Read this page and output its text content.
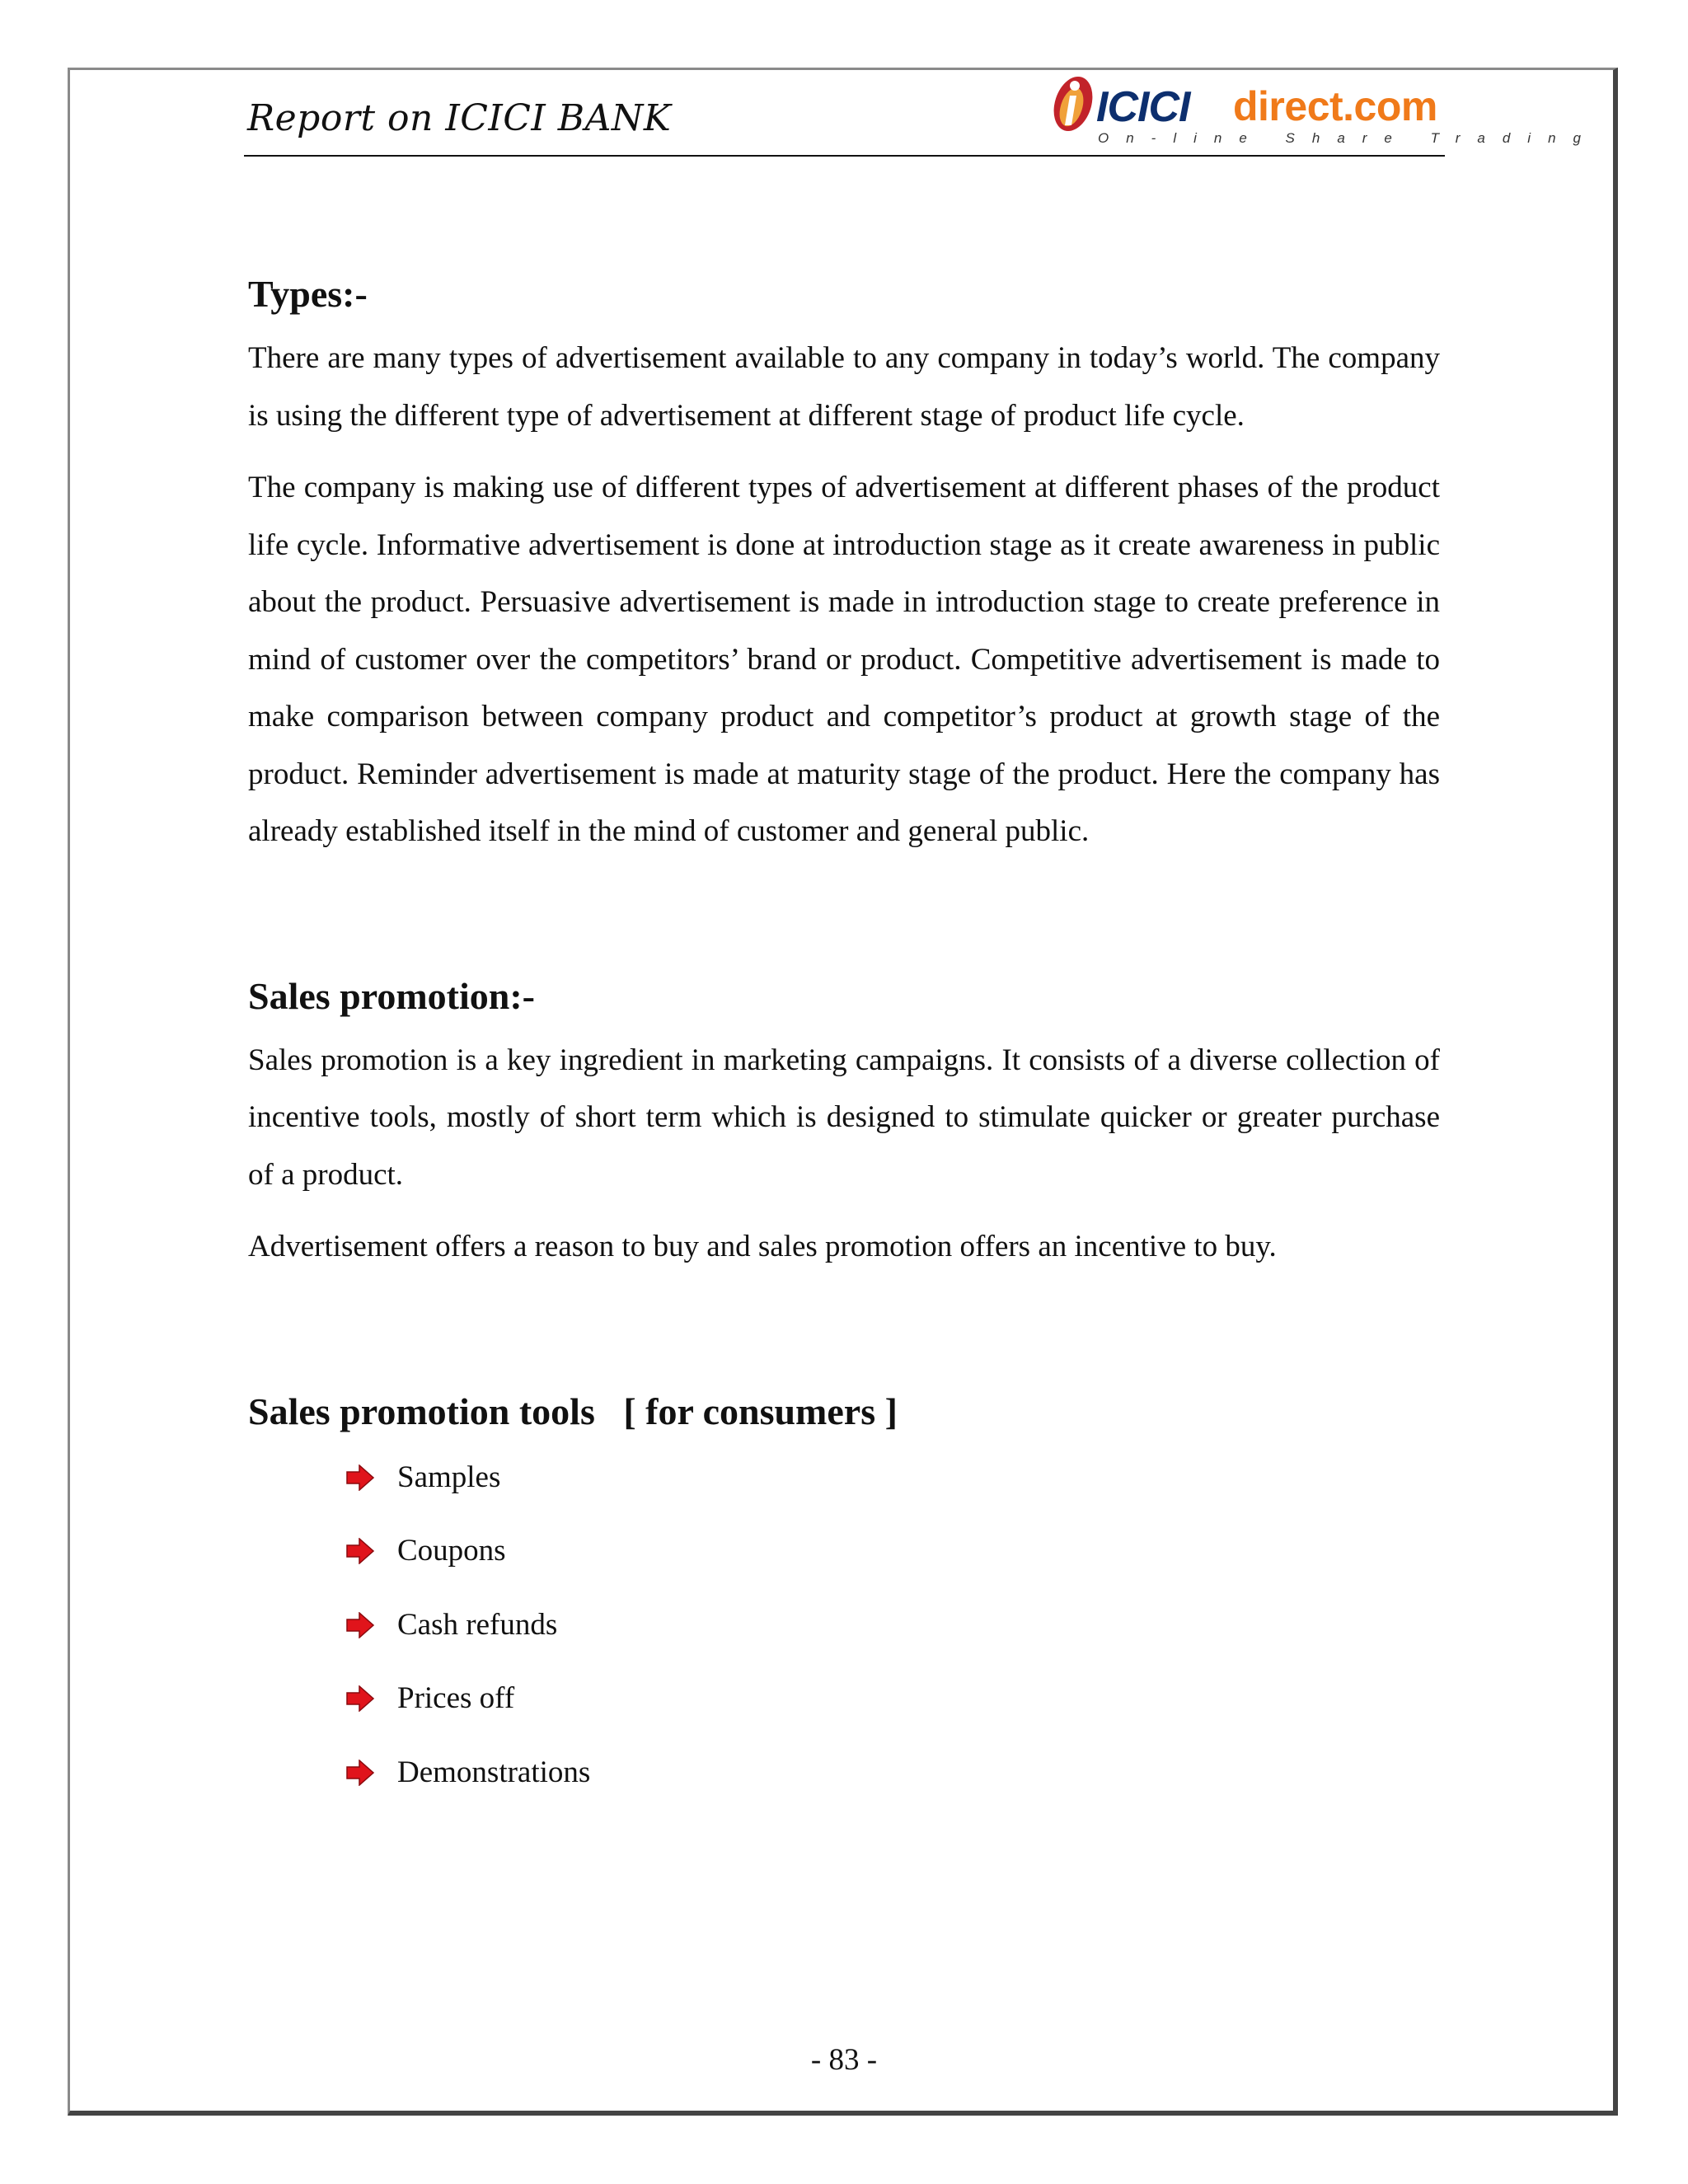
Report on ICICI BANK	ICICI direct.com
On-line Share Trading
Types:-

There are many types of advertisement available to any company in today’s world. The company is using the different type of advertisement at different stage of product life cycle.

The company is making use of different types of advertisement at different phases of the product life cycle. Informative advertisement is done at introduction stage as it create awareness in public about the product. Persuasive advertisement is made in introduction stage to create preference in mind of customer over the competitors’ brand or product. Competitive advertisement is made to make comparison between company product and competitor’s product at growth stage of the product. Reminder advertisement is made at maturity stage of the product. Here the company has already established itself in the mind of customer and general public.

Sales promotion:-

Sales promotion is a key ingredient in marketing campaigns. It consists of a diverse collection of incentive tools, mostly of short term which is designed to stimulate quicker or greater purchase of a product.

Advertisement offers a reason to buy and sales promotion offers an incentive to buy.

Sales promotion tools   [ for consumers ]
Samples
Coupons
Cash refunds
Prices off
Demonstrations
- 83 -
